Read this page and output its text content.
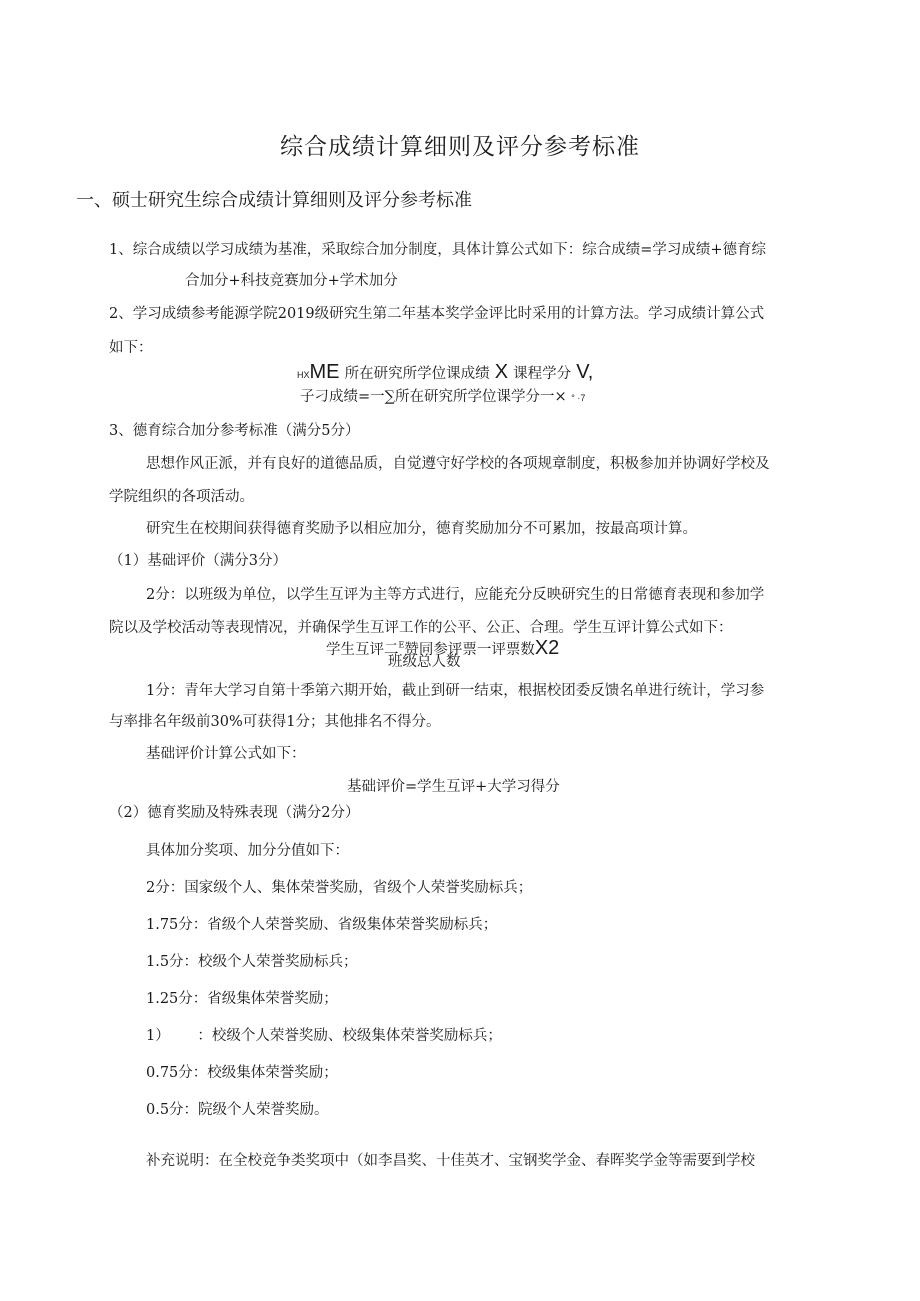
综合成绩计算细则及评分参考标准
一、硕士研究生综合成绩计算细则及评分参考标准
1、综合成绩以学习成绩为基准，采取综合加分制度，具体计算公式如下：综合成绩=学习成绩+德育综
合加分+科技竞赛加分+学术加分
2、学习成绩参考能源学院2019级研究生第二年基本奖学金评比时采用的计算方法。学习成绩计算公式
如下：
HXME 所在研究所学位课成绩 X 课程学分 V,
子刁成绩=一∑所在研究所学位课学分一× ° ·7
3、德育综合加分参考标准（满分5分）
思想作风正派，并有良好的道德品质，自觉遵守好学校的各项规章制度，积极参加并协调好学校及
学院组织的各项活动。
研究生在校期间获得德育奖励予以相应加分，德育奖励加分不可累加，按最高项计算。
（1）基础评价（满分3分）
2分：以班级为单位，以学生互评为主等方式进行，应能充分反映研究生的日常德育表现和参加学
院以及学校活动等表现情况，并确保学生互评工作的公平、公正、合理。学生互评计算公式如下：
学生互评二$^E$赞同参评票一评票数X2
班级总人数
1分：青年大学习自第十季第六期开始，截止到研一结束，根据校团委反馈名单进行统计，学习参
与率排名年级前30%可获得1分；其他排名不得分。
基础评价计算公式如下：
基础评价=学生互评+大学习得分
（2）德育奖励及特殊表现（满分2分）
具体加分奖项、加分分值如下：
2分：国家级个人、集体荣誉奖励，省级个人荣誉奖励标兵；
1.75分：省级个人荣誉奖励、省级集体荣誉奖励标兵；
1.5分：校级个人荣誉奖励标兵；
1.25分：省级集体荣誉奖励；
1）      ：校级个人荣誉奖励、校级集体荣誉奖励标兵；
0.75分：校级集体荣誉奖励；
0.5分：院级个人荣誉奖励。
补充说明：在全校竞争类奖项中（如李昌奖、十佳英才、宝钢奖学金、春晖奖学金等需要到学校
